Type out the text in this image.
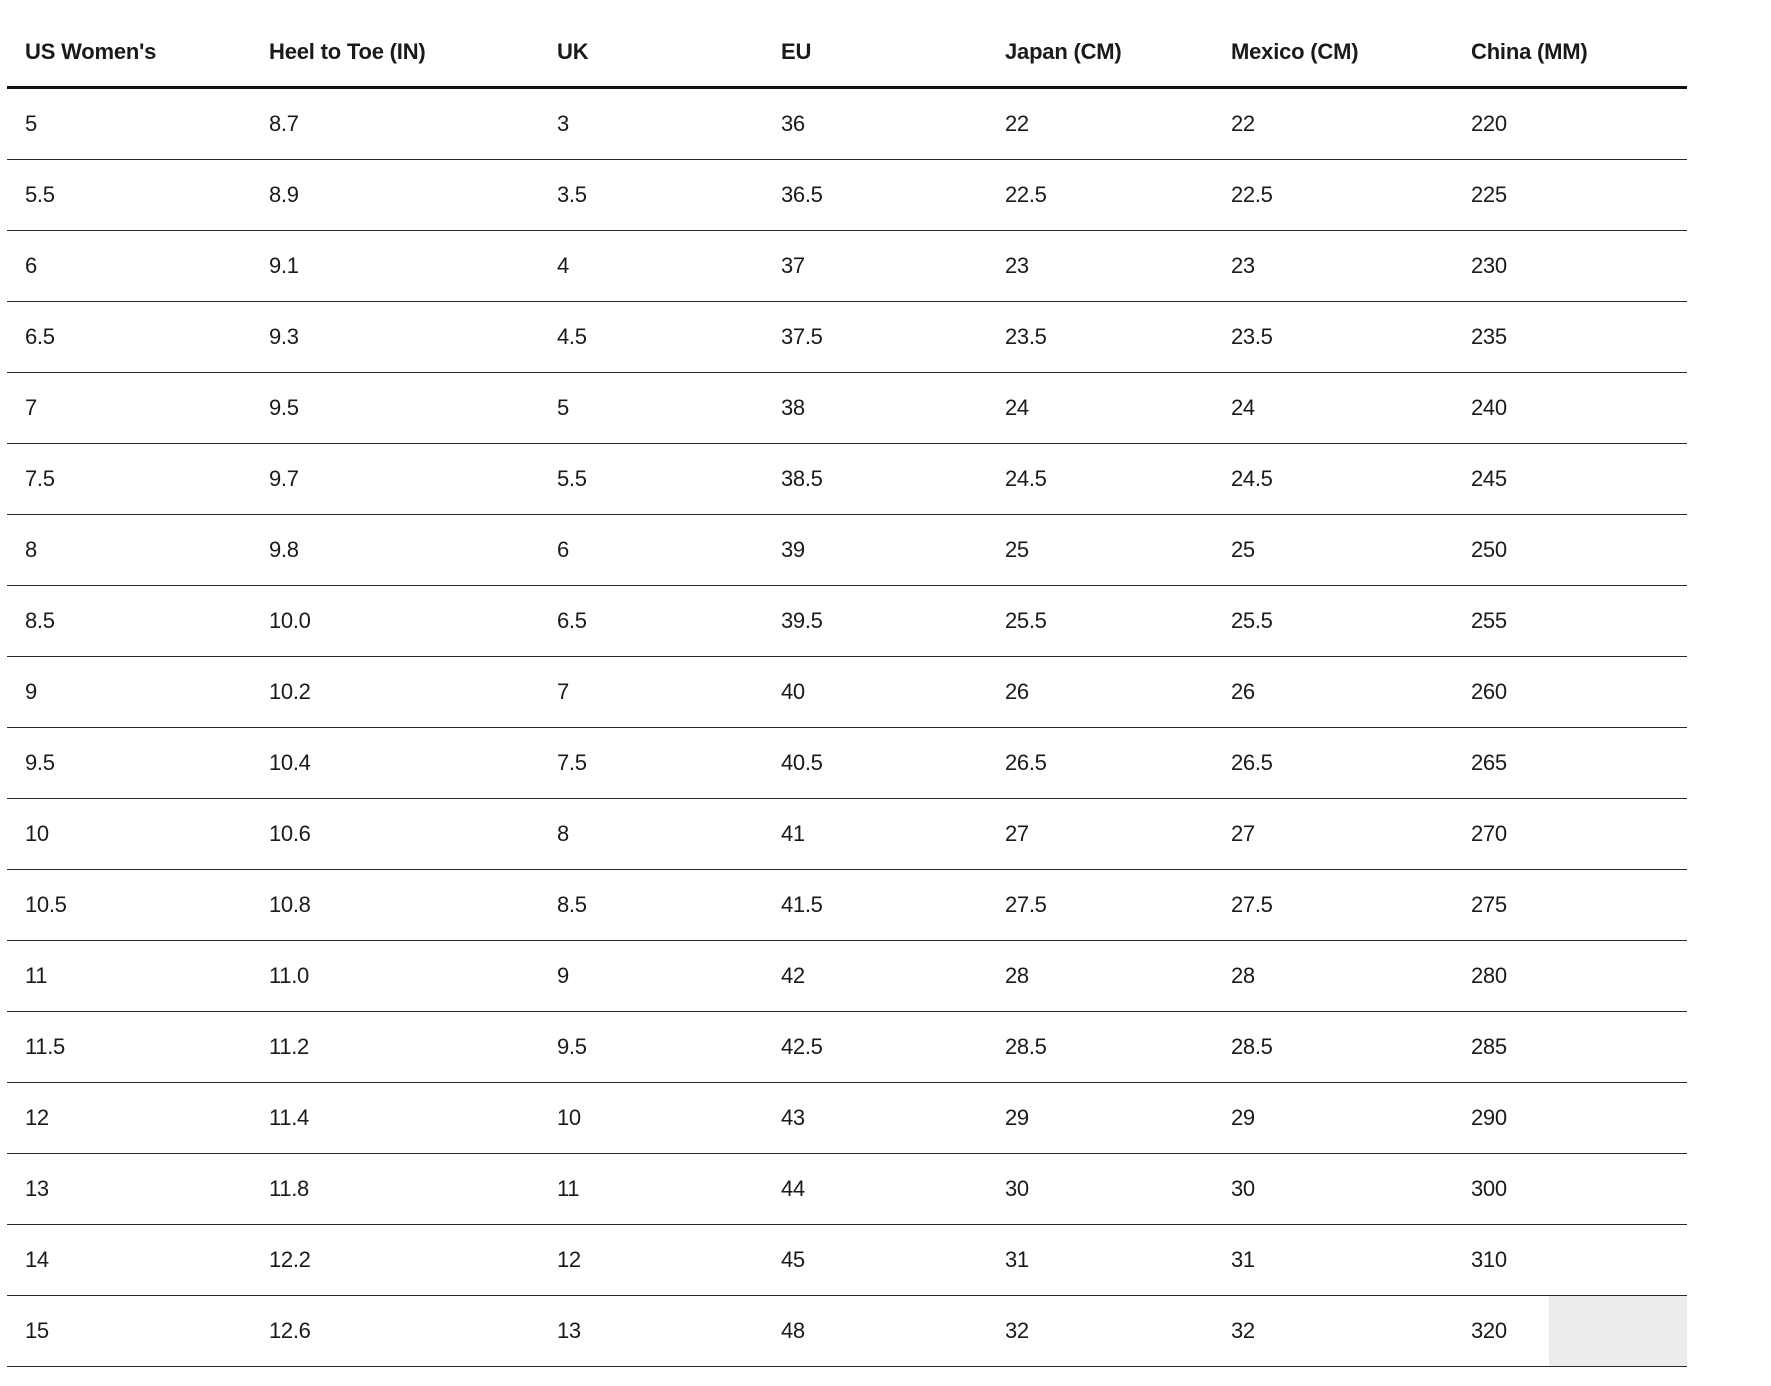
US Women's	Heel to Toe (IN)	UK	EU	Japan (CM)	Mexico (CM)	China (MM)
5	8.7	3	36	22	22	220
5.5	8.9	3.5	36.5	22.5	22.5	225
6	9.1	4	37	23	23	230
6.5	9.3	4.5	37.5	23.5	23.5	235
7	9.5	5	38	24	24	240
7.5	9.7	5.5	38.5	24.5	24.5	245
8	9.8	6	39	25	25	250
8.5	10.0	6.5	39.5	25.5	25.5	255
9	10.2	7	40	26	26	260
9.5	10.4	7.5	40.5	26.5	26.5	265
10	10.6	8	41	27	27	270
10.5	10.8	8.5	41.5	27.5	27.5	275
11	11.0	9	42	28	28	280
11.5	11.2	9.5	42.5	28.5	28.5	285
12	11.4	10	43	29	29	290
13	11.8	11	44	30	30	300
14	12.2	12	45	31	31	310
15	12.6	13	48	32	32	320
